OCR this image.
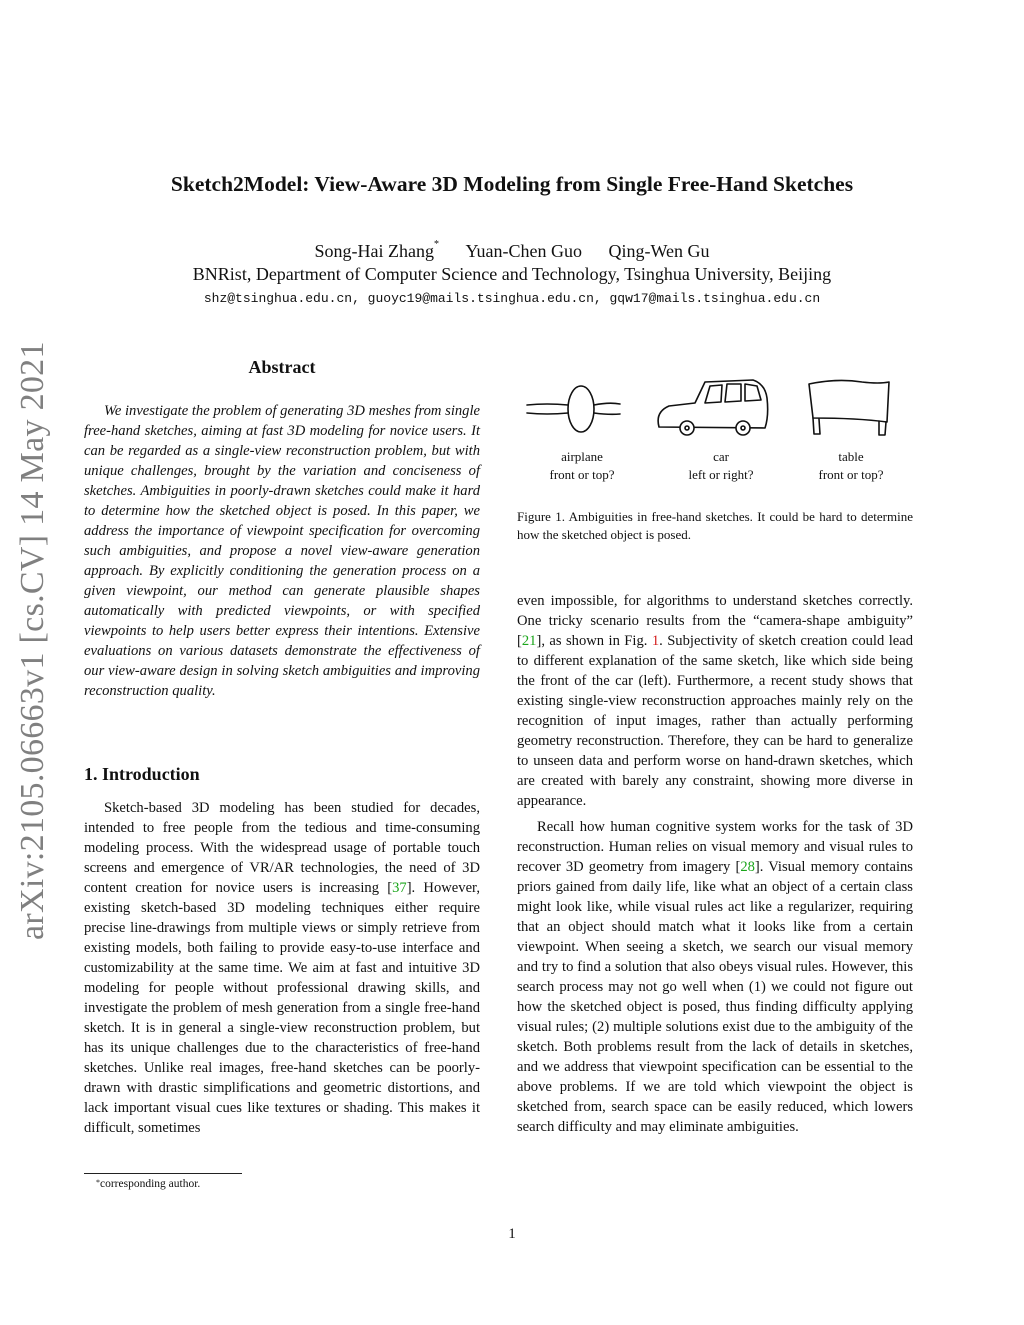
arXiv:2105.06663v1 [cs.CV] 14 May 2021
Sketch2Model: View-Aware 3D Modeling from Single Free-Hand Sketches
Song-Hai Zhang* Yuan-Chen Guo Qing-Wen Gu
BNRist, Department of Computer Science and Technology, Tsinghua University, Beijing
shz@tsinghua.edu.cn, guoyc19@mails.tsinghua.edu.cn, gqw17@mails.tsinghua.edu.cn
Abstract

We investigate the problem of generating 3D meshes from single free-hand sketches, aiming at fast 3D modeling for novice users. It can be regarded as a single-view reconstruction problem, but with unique challenges, brought by the variation and conciseness of sketches. Ambiguities in poorly-drawn sketches could make it hard to determine how the sketched object is posed. In this paper, we address the importance of viewpoint specification for overcoming such ambiguities, and propose a novel view-aware generation approach. By explicitly conditioning the generation process on a given viewpoint, our method can generate plausible shapes automatically with predicted viewpoints, or with specified viewpoints to help users better express their intentions. Extensive evaluations on various datasets demonstrate the effectiveness of our view-aware design in solving sketch ambiguities and improving reconstruction quality.

1. Introduction

Sketch-based 3D modeling has been studied for decades, intended to free people from the tedious and time-consuming modeling process. With the widespread usage of portable touch screens and emergence of VR/AR technologies, the need of 3D content creation for novice users is increasing [37]. However, existing sketch-based 3D modeling techniques either require precise line-drawings from multiple views or simply retrieve from existing models, both failing to provide easy-to-use interface and customizability at the same time. We aim at fast and intuitive 3D modeling for people without professional drawing skills, and investigate the problem of mesh generation from a single free-hand sketch. It is in general a single-view reconstruction problem, but has its unique challenges due to the characteristics of free-hand sketches. Unlike real images, free-hand sketches can be poorly-drawn with drastic simplifications and geometric distortions, and lack important visual cues like textures or shading. This makes it difficult, sometimes

airplane
front or top?
car
left or right?
table
front or top?
Figure 1. Ambiguities in free-hand sketches. It could be hard to determine how the sketched object is posed.

even impossible, for algorithms to understand sketches correctly. One tricky scenario results from the “camera-shape ambiguity” [21], as shown in Fig. 1. Subjectivity of sketch creation could lead to different explanation of the same sketch, like which side being the front of the car (left). Furthermore, a recent study shows that existing single-view reconstruction approaches mainly rely on the recognition of input images, rather than actually performing geometry reconstruction. Therefore, they can be hard to generalize to unseen data and perform worse on hand-drawn sketches, which are created with barely any constraint, showing more diverse in appearance.

Recall how human cognitive system works for the task of 3D reconstruction. Human relies on visual memory and visual rules to recover 3D geometry from imagery [28]. Visual memory contains priors gained from daily life, like what an object of a certain class might look like, while visual rules act like a regularizer, requiring that an object should match what it looks like from a certain viewpoint. When seeing a sketch, we search our visual memory and try to find a solution that also obeys visual rules. However, this search process may not go well when (1) we could not figure out how the sketched object is posed, thus finding difficulty applying visual rules; (2) multiple solutions exist due to the ambiguity of the sketch. Both problems result from the lack of details in sketches, and we address that viewpoint specification can be essential to the above problems. If we are told which viewpoint the object is sketched from, search space can be easily reduced, which lowers search difficulty and may eliminate ambiguities.

*corresponding author.
1
